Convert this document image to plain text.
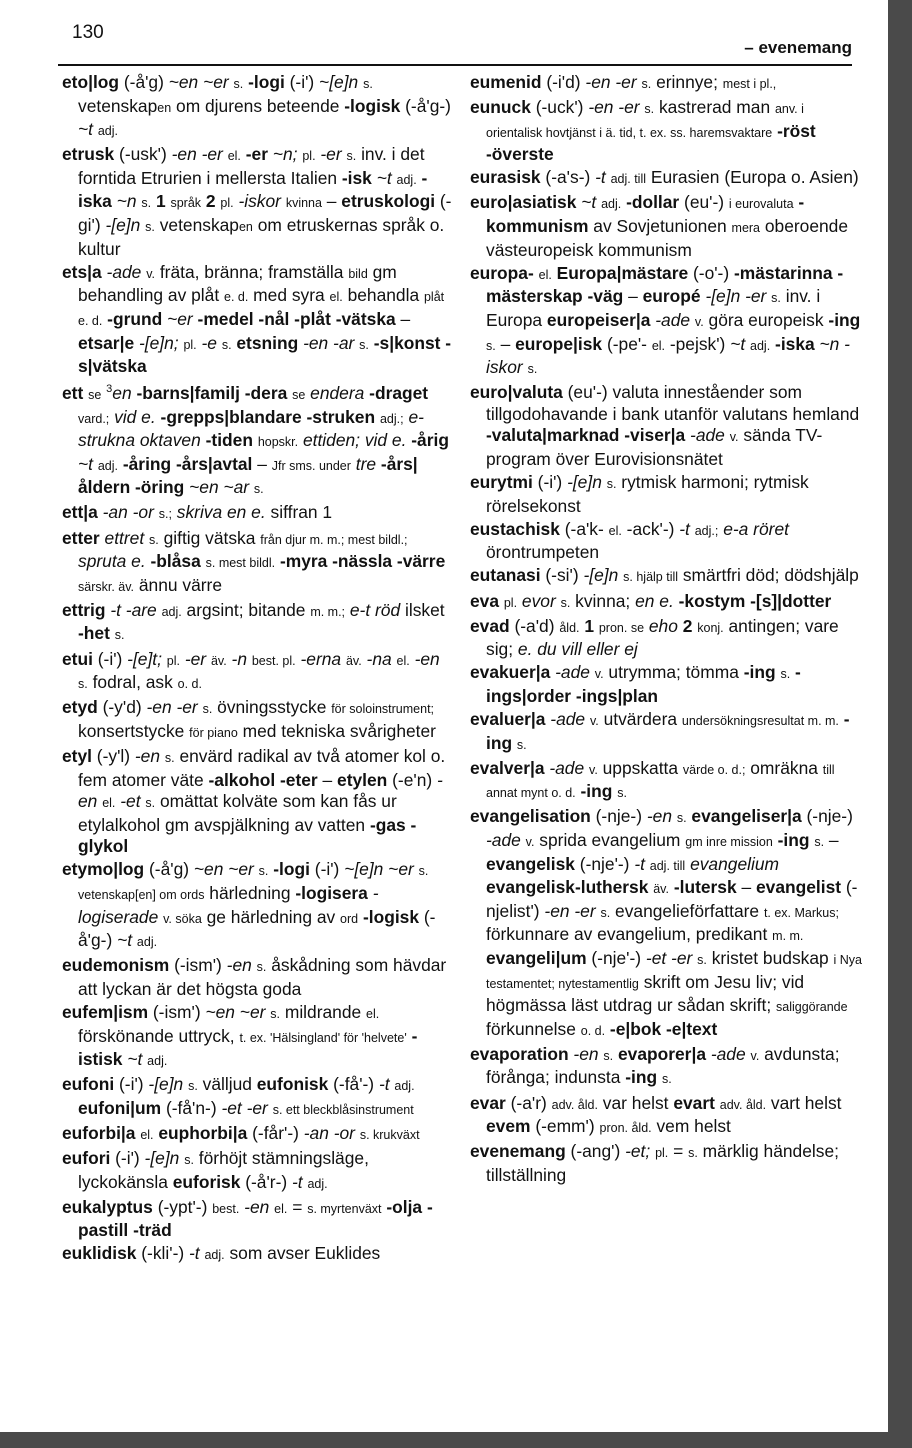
130
– evenemang

eto|log (-å'g) ~en ~er s. -logi (-i') ~[e]n s. vetenskapen om djurens beteende -logisk (-å'g-) ~t adj.

etrusk (-usk') -en -er el. -er ~n; pl. -er s. inv. i det forntida Etrurien i mellersta Italien -isk ~t adj. -iska ~n s. 1 språk 2 pl. -iskor kvinna – etruskologi (-gi') -[e]n s. vetenskapen om etruskernas språk o. kultur

ets|a -ade v. fräta, bränna; framställa bild gm behandling av plåt e. d. med syra el. behandla plåt e. d. -grund ~er -medel -nål -plåt -vätska – etsar|e -[e]n; pl. -e s. etsning -en -ar s. -s|konst -s|vätska

ett se $^3$en -barns|familj -dera se endera -draget vard.; vid e. -grepps|blandare -struken adj.; e-strukna oktaven -tiden hopskr. ettiden; vid e. -årig ~t adj. -åring -års|avtal – Jfr sms. under tre -års|åldern -öring ~en ~ar s.

ett|a -an -or s.; skriva en e. siffran 1

etter ettret s. giftig vätska från djur m. m.; mest bildl.; spruta e. -blåsa s. mest bildl. -myra -nässla -värre särskr. äv. ännu värre

ettrig -t -are adj. argsint; bitande m. m.; e-t röd ilsket -het s.

etui (-i') -[e]t; pl. -er äv. -n best. pl. -erna äv. -na el. -en s. fodral, ask o. d.

etyd (-y'd) -en -er s. övningsstycke för soloinstrument; konsertstycke för piano med tekniska svårigheter

etyl (-y'l) -en s. envärd radikal av två atomer kol o. fem atomer väte -alkohol -eter – etylen (-e'n) -en el. -et s. omättat kolväte som kan fås ur etylalkohol gm avspjälkning av vatten -gas -glykol

etymo|log (-å'g) ~en ~er s. -logi (-i') ~[e]n ~er s. vetenskap[en] om ords härledning -logisera -logiserade v. söka ge härledning av ord -logisk (-å'g-) ~t adj.

eudemonism (-ism') -en s. åskådning som hävdar att lyckan är det högsta goda

eufem|ism (-ism') ~en ~er s. mildrande el. förskönande uttryck, t. ex. 'Hälsingland' för 'helvete' -istisk ~t adj.

eufoni (-i') -[e]n s. välljud eufonisk (-få'-) -t adj. eufoni|um (-få'n-) -et -er s. ett bleckblåsinstrument

euforbi|a el. euphorbi|a (-får'-) -an -or s. krukväxt

eufori (-i') -[e]n s. förhöjt stämningsläge, lyckokänsla euforisk (-å'r-) -t adj.

eukalyptus (-ypt'-) best. -en el. = s. myrtenväxt -olja -pastill -träd

euklidisk (-kli'-) -t adj. som avser Euklides

eumenid (-i'd) -en -er s. erinnye; mest i pl.,

eunuck (-uck') -en -er s. kastrerad man anv. i orientalisk hovtjänst i ä. tid, t. ex. ss. haremsvaktare -röst -överste

eurasisk (-a's-) -t adj. till Eurasien (Europa o. Asien)

euro|asiatisk ~t adj. -dollar (eu'-) i eurovaluta -kommunism av Sovjetunionen mera oberoende västeuropeisk kommunism

europa- el. Europa|mästare (-o'-) -mästarinna -mästerskap -väg – europé -[e]n -er s. inv. i Europa europeiser|a -ade v. göra europeisk -ing s. – europe|isk (-pe'- el. -pejsk') ~t adj. -iska ~n -iskor s.

euro|valuta (eu'-) valuta inneståender som tillgodohavande i bank utanför valutans hemland -valuta|marknad -viser|a -ade v. sända TV-program över Eurovisionsnätet

eurytmi (-i') -[e]n s. rytmisk harmoni; rytmisk rörelsekonst

eustachisk (-a'k- el. -ack'-) -t adj.; e-a röret örontrumpeten

eutanasi (-si') -[e]n s. hjälp till smärtfri död; dödshjälp

eva pl. evor s. kvinna; en e. -kostym -[s]|dotter

evad (-a'd) åld. 1 pron. se eho 2 konj. antingen; vare sig; e. du vill eller ej

evakuer|a -ade v. utrymma; tömma -ing s. -ings|order -ings|plan

evaluer|a -ade v. utvärdera undersökningsresultat m. m. -ing s.

evalver|a -ade v. uppskatta värde o. d.; omräkna till annat mynt o. d. -ing s.

evangelisation (-nje-) -en s. evangeliser|a (-nje-) -ade v. sprida evangelium gm inre mission -ing s. – evangelisk (-nje'-) -t adj. till evangelium evangelisk-luthersk äv. -lutersk – evangelist (-njelist') -en -er s. evangelieförfattare t. ex. Markus; förkunnare av evangelium, predikant m. m. evangeli|um (-nje'-) -et -er s. kristet budskap i Nya testamentet; nytestamentlig skrift om Jesu liv; vid högmässa läst utdrag ur sådan skrift; saliggörande förkunnelse o. d. -e|bok -e|text

evaporation -en s. evaporer|a -ade v. avdunsta; förånga; indunsta -ing s.

evar (-a'r) adv. åld. var helst evart adv. åld. vart helst evem (-emm') pron. åld. vem helst

evenemang (-ang') -et; pl. = s. märklig händelse; tillställning
